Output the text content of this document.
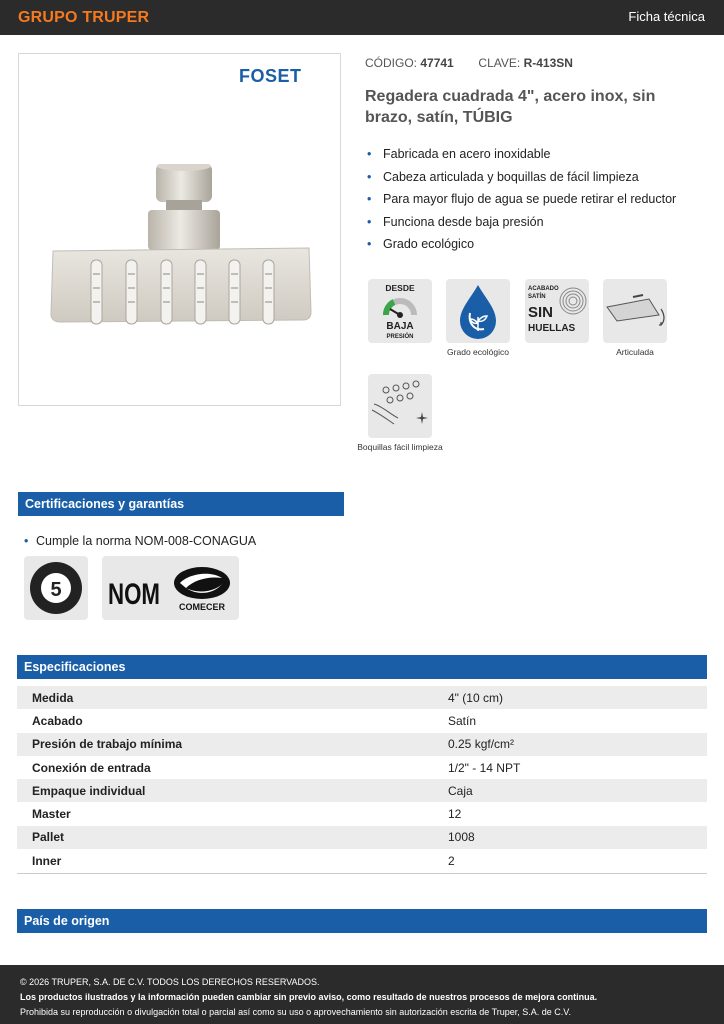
GRUPO TRUPER	Ficha técnica
FOSET
CÓDIGO: 47741 CLAVE: R-413SN
Regadera cuadrada 4", acero inox, sin brazo, satín, TÚBIG
• Fabricada en acero inoxidable
• Cabeza articulada y boquillas de fácil limpieza
• Para mayor flujo de agua se puede retirar el reductor
• Funciona desde baja presión
• Grado ecológico
DESDE
BAJA
PRESIÓN
Grado ecológico
ACABADO
SATÍN
SIN
HUELLAS
Articulada
Boquillas fácil limpieza
Certificaciones y garantías
• Cumple la norma NOM-008-CONAGUA
5 NOM COMECER
Especificaciones
Medida	4" (10 cm)
Acabado	Satín
Presión de trabajo mínima	0.25 kgf/cm²
Conexión de entrada	1/2" - 14 NPT
Empaque individual	Caja
Master	12
Pallet	1008
Inner	2
País de origen
© 2026 TRUPER, S.A. DE C.V. TODOS LOS DERECHOS RESERVADOS.
Los productos ilustrados y la información pueden cambiar sin previo aviso, como resultado de nuestros procesos de mejora continua.
Prohibida su reproducción o divulgación total o parcial así como su uso o aprovechamiento sin autorización escrita de Truper, S.A. de C.V.
